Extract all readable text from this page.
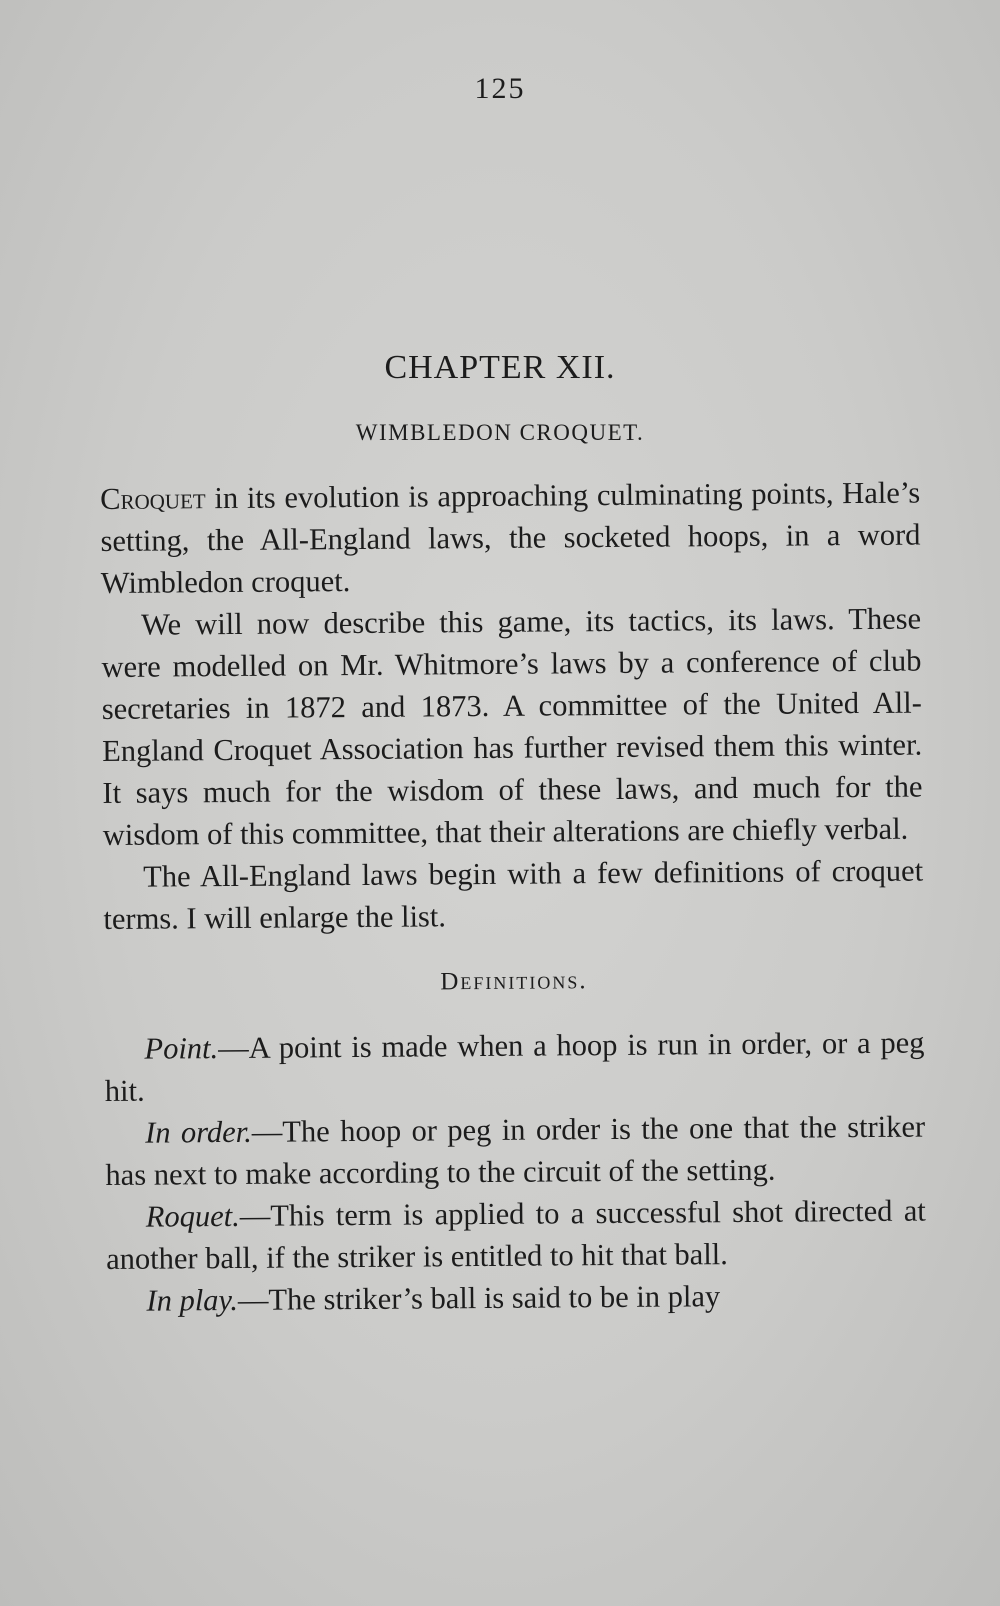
125
CHAPTER XII.
WIMBLEDON CROQUET.

Croquet in its evolution is approaching culminating points, Hale’s setting, the All-England laws, the socketed hoops, in a word Wimbledon croquet.

We will now describe this game, its tactics, its laws. These were modelled on Mr. Whitmore’s laws by a conference of club secretaries in 1872 and 1873. A committee of the United All-England Croquet Association has further revised them this winter. It says much for the wisdom of these laws, and much for the wisdom of this committee, that their alterations are chiefly verbal.

The All-England laws begin with a few definitions of croquet terms. I will enlarge the list.

Definitions.

Point.—A point is made when a hoop is run in order, or a peg hit.

In order.—The hoop or peg in order is the one that the striker has next to make according to the circuit of the setting.

Roquet.—This term is applied to a successful shot directed at another ball, if the striker is entitled to hit that ball.

In play.—The striker’s ball is said to be in play
